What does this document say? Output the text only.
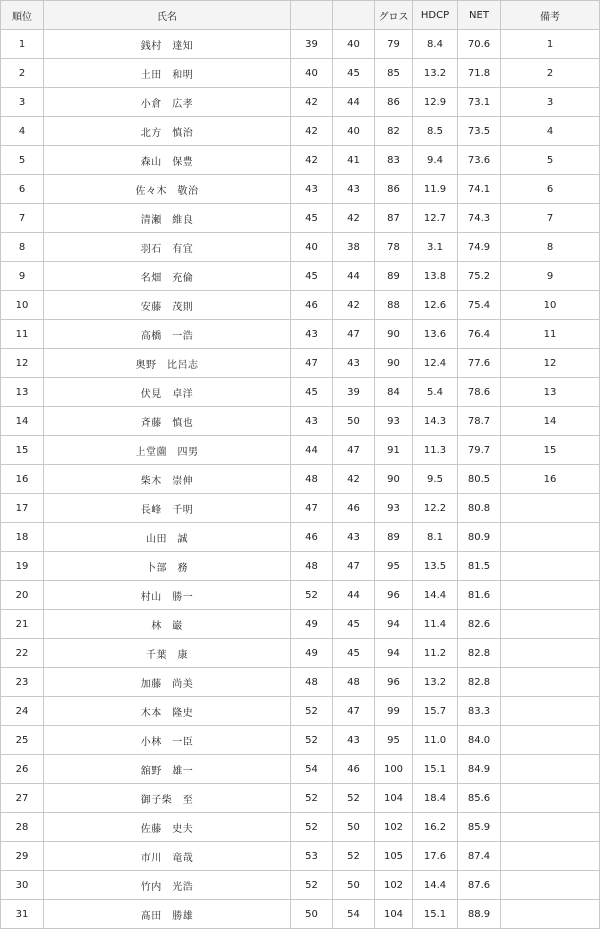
順位	氏名			グロス	HDCP	NET	備考
1	銭村　達知	39	40	79	8.4	70.6	1
2	土田　和明	40	45	85	13.2	71.8	2
3	小倉　広孝	42	44	86	12.9	73.1	3
4	北方　慎治	42	40	82	8.5	73.5	4
5	森山　保豊	42	41	83	9.4	73.6	5
6	佐々木　敬治	43	43	86	11.9	74.1	6
7	清瀬　維良	45	42	87	12.7	74.3	7
8	羽石　有宜	40	38	78	3.1	74.9	8
9	名畑　充倫	45	44	89	13.8	75.2	9
10	安藤　茂則	46	42	88	12.6	75.4	10
11	高橋　一浩	43	47	90	13.6	76.4	11
12	奥野　比呂志	47	43	90	12.4	77.6	12
13	伏見　卓洋	45	39	84	5.4	78.6	13
14	斉藤　慎也	43	50	93	14.3	78.7	14
15	上堂薗　四男	44	47	91	11.3	79.7	15
16	柴木　崇伸	48	42	90	9.5	80.5	16
17	長峰　千明	47	46	93	12.2	80.8	
18	山田　誠	46	43	89	8.1	80.9	
19	卜部　務	48	47	95	13.5	81.5	
20	村山　勝一	52	44	96	14.4	81.6	
21	林　巌	49	45	94	11.4	82.6	
22	千葉　康	49	45	94	11.2	82.8	
23	加藤　尚美	48	48	96	13.2	82.8	
24	木本　隆史	52	47	99	15.7	83.3	
25	小林　一臣	52	43	95	11.0	84.0	
26	舘野　雄一	54	46	100	15.1	84.9	
27	御子柴　至	52	52	104	18.4	85.6	
28	佐藤　史夫	52	50	102	16.2	85.9	
29	市川　竜哉	53	52	105	17.6	87.4	
30	竹内　光浩	52	50	102	14.4	87.6	
31	髙田　勝雄	50	54	104	15.1	88.9	
